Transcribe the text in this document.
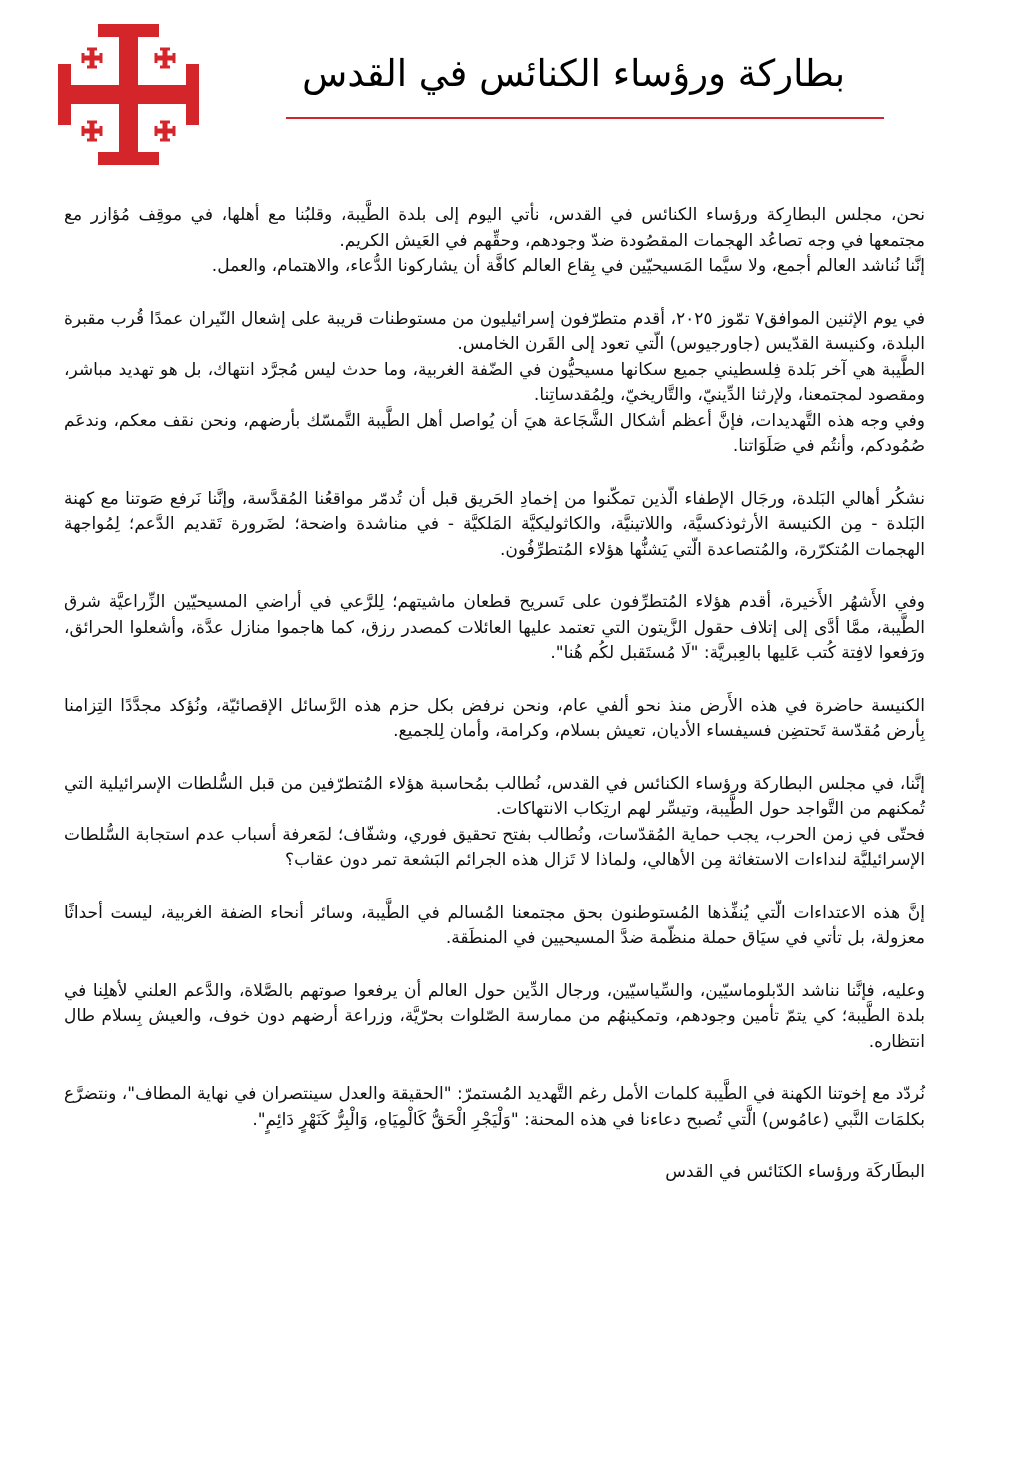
بطاركة ورؤساء الكنائس في القدس

نحن، مجلس البطارِكة ورؤساء الكنائس في القدس، نأتي اليوم إلى بلدة الطَّيبة، وقلبُنا مع أهلها، في موقِف مُؤازر مع مجتمعها في وجه تصاعُد الهجمات المقصُودة ضدّ وجودهم، وحقِّهم في العَيش الكريم.

إنَّنا نُناشد العالم أجمع، ولا سيَّما المَسيحيّين في بِقاع العالم كافَّة أن يشاركونا الدُّعاء، والاهتمام، والعمل.

في يوم الإثنين الموافق٧ تمّوز ٢٠٢٥، أقدم متطرّفون إسرائيليون من مستوطنات قريبة على إشعال النّيران عمدًا قُرب مقبرة البلدة، وكنيسة القدّيس (جاورجيوس) الّتي تعود إلى القَرن الخامس.

الطَّيبة هي آخر بَلدة فِلسطيني جميع سكانها مسيحيُّون في الضّفة الغربية، وما حدث ليس مُجرَّد انتهاك، بل هو تهديد مباشر، ومقصود لمجتمعنا، ولإرثنا الدِّينيّ، والتَّاريخيّ، ولِمُقدساتِنا.

وفي وجه هذه التَّهديدات، فإنَّ أعظم أشكال الشَّجَاعة هيَ أن يُواصل أهل الطَّيبة التَّمسّك بأرضهم، ونحن نقف معكم، وندعَم صُمُودكم، وأنتُم في صَلَوَاتنا.

نشكُر أهالي البَلدة، ورجَال الإطفاء الّذين تمكّنوا من إخمادِ الحَريق قبل أن تُدمّر مواقعُنا المُقدَّسة، وإنَّنا نَرفع صَوتنا مع كهنة البَلدة - مِن الكنيسة الأرثوذكسيَّة، واللاتينيَّة، والكاثوليكيَّة المَلكيَّة - في مناشدة واضحة؛ لضَرورة تَقديم الدَّعم؛ لِمُواجهة الهجمات المُتكرّرة، والمُتصاعدة الّتي يَشنُّها هؤلاء المُتطرِّفُون.

وفي الأَشهُر الأَخيرة، أقدم هؤلاء المُتطرِّفون على تَسريح قطعان ماشيتهم؛ لِلرَّعي في أراضي المسيحيّين الزِّراعيَّة شرق الطَّيبة، ممَّا أدَّى إلى إتلاف حقول الزَّيتون التي تعتمد عليها العائلات كمصدر رزق، كما هاجموا منازل عدَّة، وأشعلوا الحرائق، ورَفعوا لافِتة كُتب عَليها بالعِبريَّة: "لَا مُستَقبل لكُم هُنا".

الكنيسة حاضرة في هذه الأَرض منذ نحو ألفي عام، ونحن نرفض بكل حزم هذه الرَّسائل الإقصائيّة، ونُؤكد مجدَّدًا التِزامنا بِأرض مُقدّسة تَحتضِن فسيفساء الأديان، تعيش بسلام، وكرامة، وأمان لِلجميع.

إنَّنا، في مجلس البطاركة ورؤساء الكنائس في القدس، نُطالب بمُحاسبة هؤلاء المُتطرّفين من قبل السُّلطات الإسرائيلية التي تُمكنهم من التَّواجد حول الطَّيبة، وتيسِّر لهم ارتِكاب الانتهاكات.

فحتّى في زمن الحرب، يجب حماية المُقدّسات، ونُطالب بفتح تحقيق فوري، وشفّاف؛ لمَعرفة أسباب عدم استجابة السُّلطات الإسرائيليَّة لنداءات الاستغاثة مِن الأهالي، ولماذا لا تَزال هذه الجرائم البَشعة تمر دون عقاب؟

إنَّ هذه الاعتداءات الّتي يُنفِّذها المُستوطنون بحق مجتمعنا المُسالم في الطَّيبة، وسائر أنحاء الضفة الغربية، ليست أحداثًا معزولة، بل تأتي في سيَاق حملة منظّمة ضدَّ المسيحيين في المنطَقة.

وعليه، فإنَّنا نناشد الدّبلوماسيّين، والسِّياسيّين، ورجال الدِّين حول العالم أن يرفعوا صوتهم بالصَّلاة، والدَّعم العلني لأهلِنا في بلدة الطَّيبة؛ كي يتمّ تأمين وجودهم، وتمكينهُم من ممارسة الصّلوات بحرّيَّة، وزراعة أرضهم دون خوف، والعيش بِسلام طال انتظاره.

نُردّد مع إخوتنا الكهنة في الطَّيبة كلمات الأمل رغم التَّهديد المُستمرّ: "الحقيقة والعدل سينتصران في نهاية المطاف"، ونتضرَّع بكلمَات النَّبي (عامُوس) الَّتي تُصبح دعاءنا في هذه المحنة: "وَلْيَجْرِ الْحَقُّ كَالْمِيَاهِ، وَالْبِرُّ كَنَهْرٍ دَائِمٍ".

البطَاركَة ورؤساء الكنَائس في القدس
